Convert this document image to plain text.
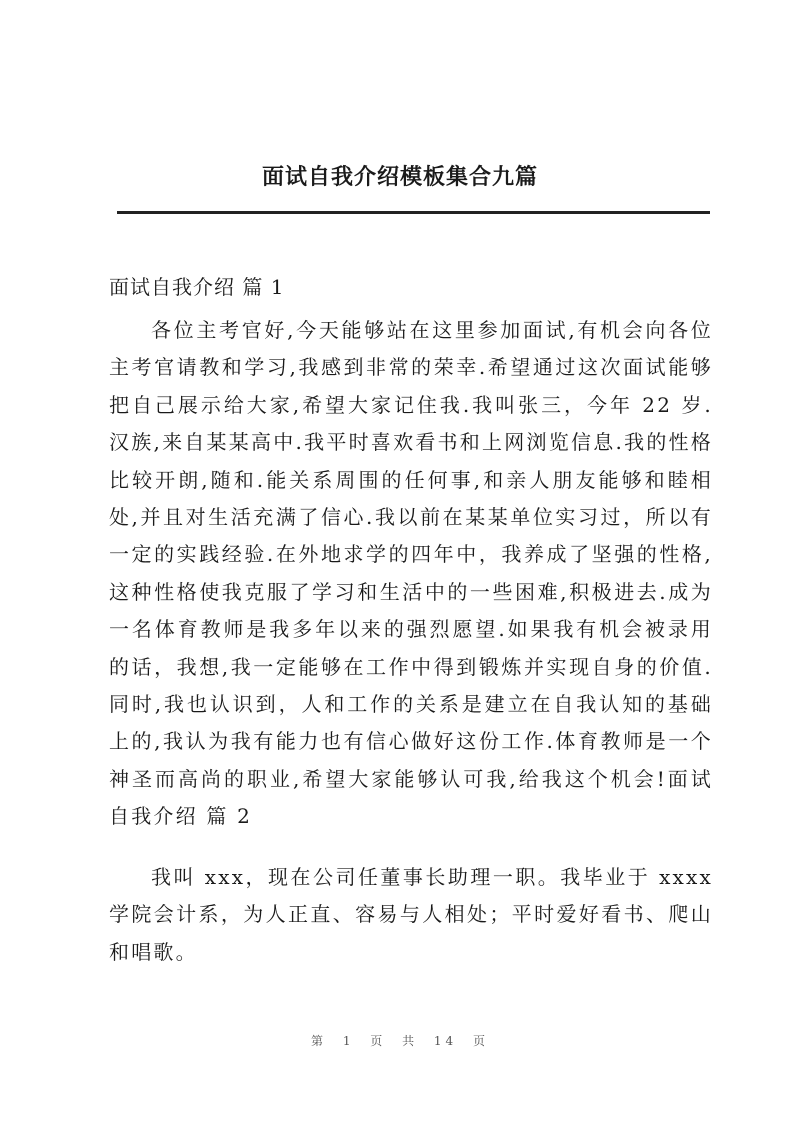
面试自我介绍模板集合九篇
面试自我介绍 篇 1
各位主考官好,今天能够站在这里参加面试,有机会向各位主考官请教和学习,我感到非常的荣幸.希望通过这次面试能够把自己展示给大家,希望大家记住我.我叫张三，今年 22 岁.汉族,来自某某高中.我平时喜欢看书和上网浏览信息.我的性格比较开朗,随和.能关系周围的任何事,和亲人朋友能够和睦相处,并且对生活充满了信心.我以前在某某单位实习过，所以有一定的实践经验.在外地求学的四年中，我养成了坚强的性格,这种性格使我克服了学习和生活中的一些困难,积极进去.成为一名体育教师是我多年以来的强烈愿望.如果我有机会被录用的话，我想,我一定能够在工作中得到锻炼并实现自身的价值.同时,我也认识到，人和工作的关系是建立在自我认知的基础上的,我认为我有能力也有信心做好这份工作.体育教师是一个神圣而高尚的职业,希望大家能够认可我,给我这个机会!面试自我介绍 篇 2
我叫 xxx，现在公司任董事长助理一职。我毕业于 xxxx 学院会计系，为人正直、容易与人相处；平时爱好看书、爬山和唱歌。
第 1 页 共 14 页
